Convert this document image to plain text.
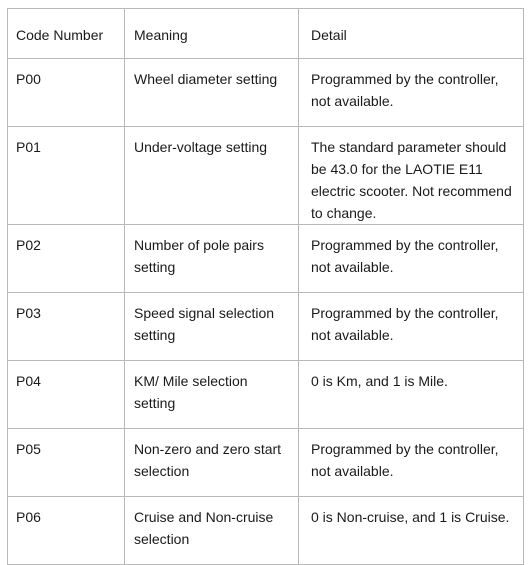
Code Number	Meaning	Detail

P00	Wheel diameter setting	Programmed by the controller, not available.

P01	Under-voltage setting	The standard parameter should be 43.0 for the LAOTIE E11 electric scooter. Not recommend to change.

P02	Number of pole pairs setting	Programmed by the controller, not available.

P03	Speed signal selection setting	Programmed by the controller, not available.

P04	KM/ Mile selection setting	0 is Km, and 1 is Mile.

P05	Non-zero and zero start selection	Programmed by the controller, not available.

P06	Cruise and Non-cruise selection	0 is Non-cruise, and 1 is Cruise.
